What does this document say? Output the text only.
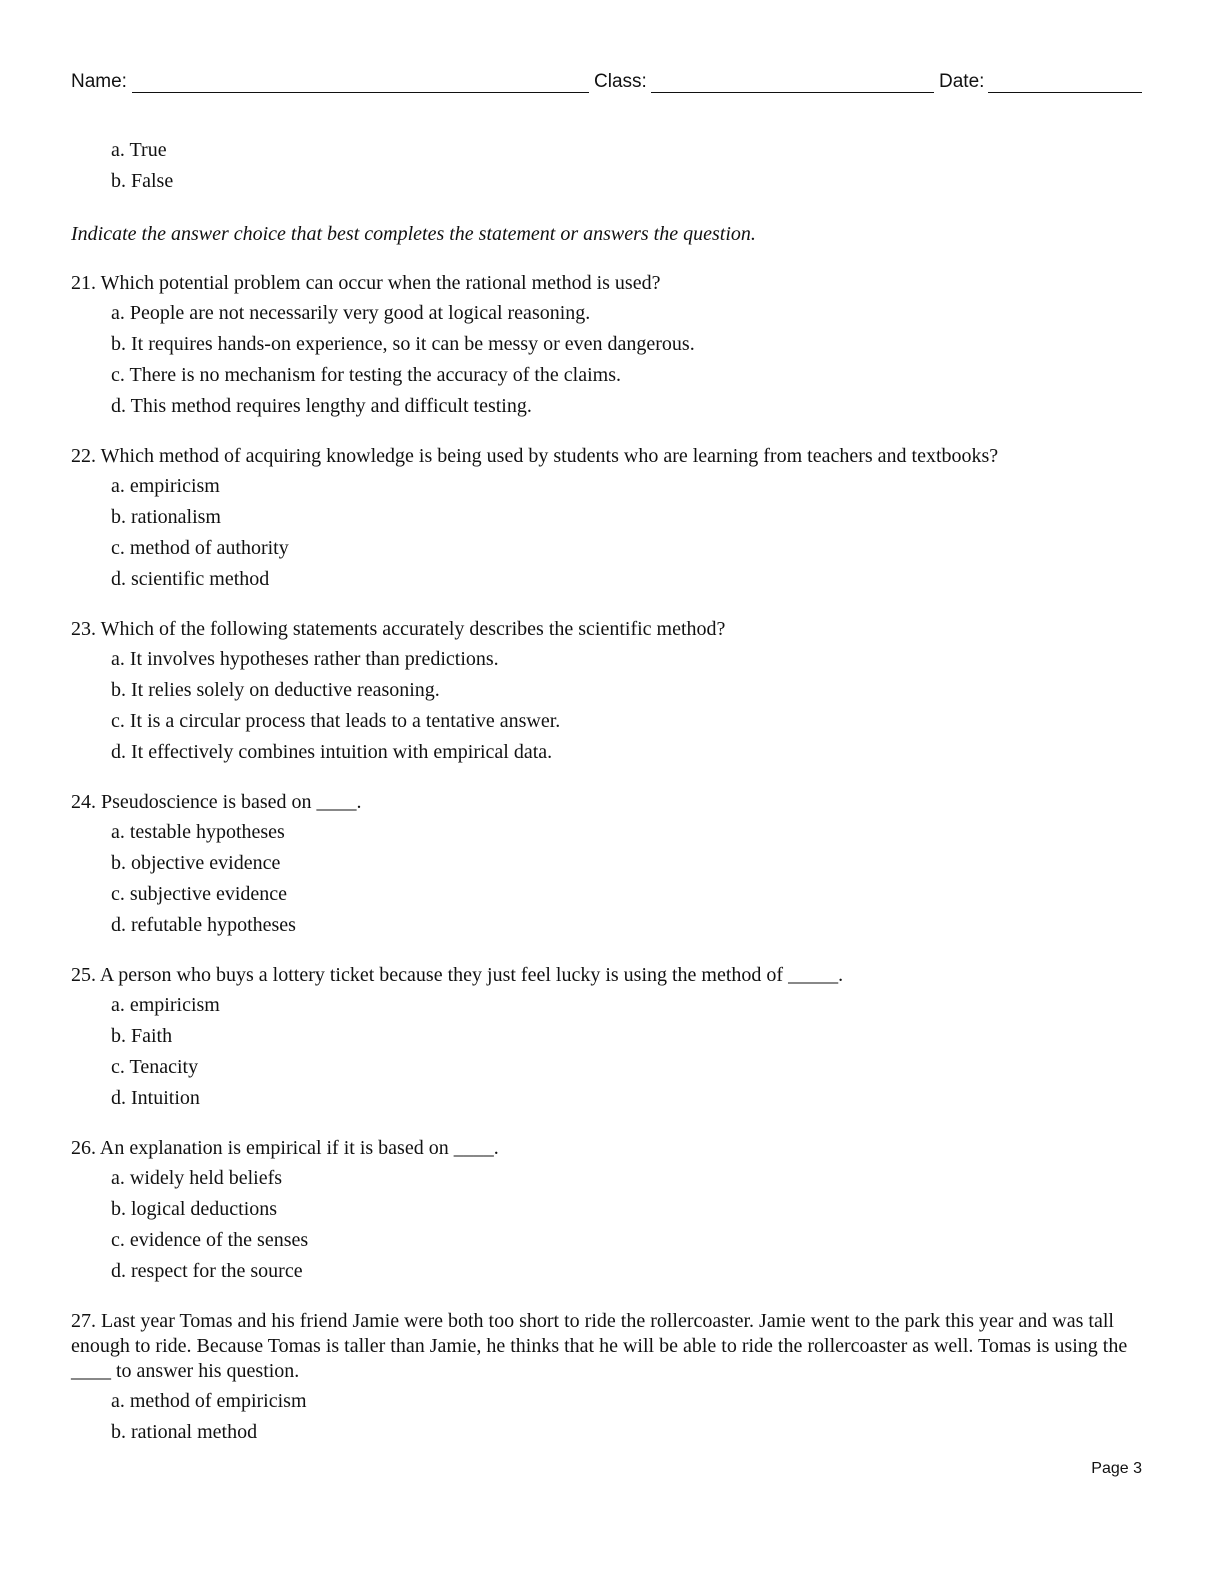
Name:	Class:	Date:
a. True
b. False
Indicate the answer choice that best completes the statement or answers the question.
21. Which potential problem can occur when the rational method is used?
a. People are not necessarily very good at logical reasoning.
b. It requires hands-on experience, so it can be messy or even dangerous.
c. There is no mechanism for testing the accuracy of the claims.
d. This method requires lengthy and difficult testing.
22. Which method of acquiring knowledge is being used by students who are learning from teachers and textbooks?
a. empiricism
b. rationalism
c. method of authority
d. scientific method
23. Which of the following statements accurately describes the scientific method?
a. It involves hypotheses rather than predictions.
b. It relies solely on deductive reasoning.
c. It is a circular process that leads to a tentative answer.
d. It effectively combines intuition with empirical data.
24. Pseudoscience is based on ____.
a. testable hypotheses
b. objective evidence
c. subjective evidence
d. refutable hypotheses
25. A person who buys a lottery ticket because they just feel lucky is using the method of _____.
a. empiricism
b. Faith
c. Tenacity
d. Intuition
26. An explanation is empirical if it is based on ____.
a. widely held beliefs
b. logical deductions
c. evidence of the senses
d. respect for the source
27. Last year Tomas and his friend Jamie were both too short to ride the rollercoaster. Jamie went to the park this year and was tall enough to ride. Because Tomas is taller than Jamie, he thinks that he will be able to ride the rollercoaster as well. Tomas is using the ____ to answer his question.
a. method of empiricism
b. rational method
Page 3
